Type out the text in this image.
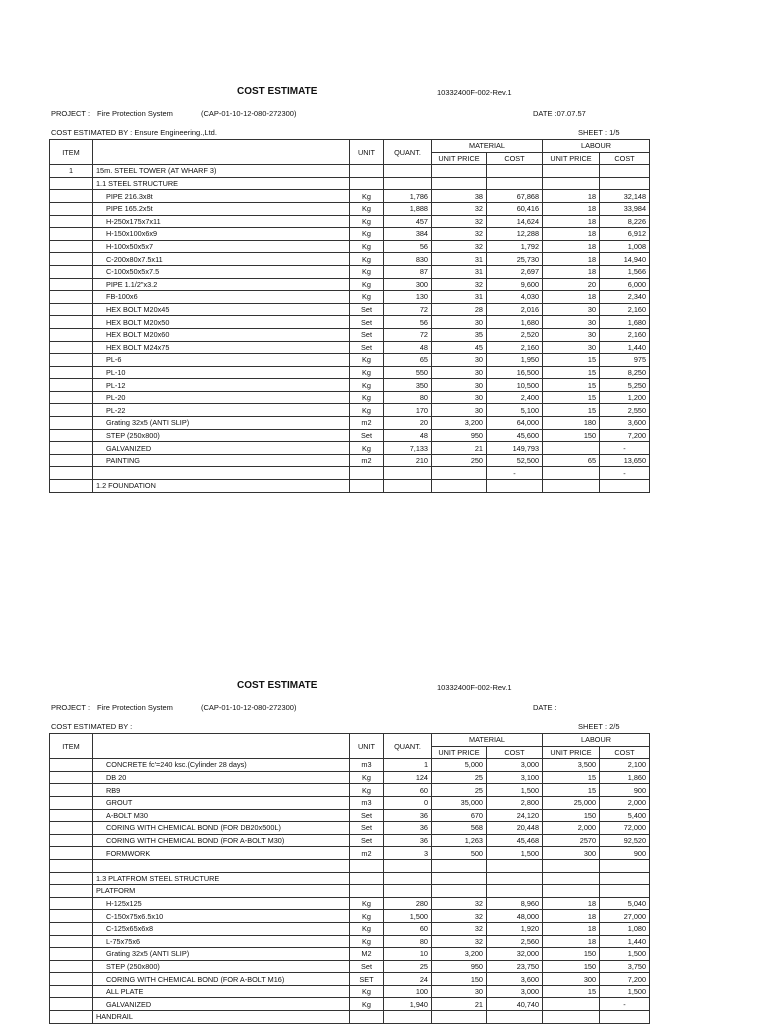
COST ESTIMATE	10332400F-002-Rev.1
PROJECT : Fire Protection System	(CAP-01-10-12-080-272300)	DATE :07.07.57
COST ESTIMATED BY : Ensure Engineering.,Ltd.	SHEET : 1/5
ITEM		UNIT	QUANT.	MATERIAL		LABOUR	
				UNIT PRICE	COST	UNIT PRICE	COST
1	15m. STEEL TOWER (AT WHARF 3)						
	1.1 STEEL STRUCTURE						
	PIPE 216.3x8t	Kg	1,786	38	67,868	18	32,148
	PIPE 165.2x5t	Kg	1,888	32	60,416	18	33,984
	H-250x175x7x11	Kg	457	32	14,624	18	8,226
	H-150x100x6x9	Kg	384	32	12,288	18	6,912
	H-100x50x5x7	Kg	56	32	1,792	18	1,008
	C-200x80x7.5x11	Kg	830	31	25,730	18	14,940
	C-100x50x5x7.5	Kg	87	31	2,697	18	1,566
	PIPE 1.1/2"x3.2	Kg	300	32	9,600	20	6,000
	FB-100x6	Kg	130	31	4,030	18	2,340
	HEX BOLT M20x45	Set	72	28	2,016	30	2,160
	HEX BOLT M20x50	Set	56	30	1,680	30	1,680
	HEX BOLT M20x60	Set	72	35	2,520	30	2,160
	HEX BOLT M24x75	Set	48	45	2,160	30	1,440
	PL-6	Kg	65	30	1,950	15	975
	PL-10	Kg	550	30	16,500	15	8,250
	PL-12	Kg	350	30	10,500	15	5,250
	PL-20	Kg	80	30	2,400	15	1,200
	PL-22	Kg	170	30	5,100	15	2,550
	Grating 32x5 (ANTI SLIP)	m2	20	3,200	64,000	180	3,600
	STEP (250x800)	Set	48	950	45,600	150	7,200
	GALVANIZED	Kg	7,133	21	149,793		-
	PAINTING	m2	210	250	52,500	65	13,650
					-		-
	1.2 FOUNDATION						
COST ESTIMATE	10332400F-002-Rev.1
PROJECT : Fire Protection System	(CAP-01-10-12-080-272300)	DATE :
COST ESTIMATED BY :	SHEET : 2/5
ITEM		UNIT	QUANT.	MATERIAL		LABOUR	
				UNIT PRICE	COST	UNIT PRICE	COST
	CONCRETE fc'=240 ksc.(Cylinder 28 days)	m3	1	5,000	3,000	3,500	2,100
	DB 20	Kg	124	25	3,100	15	1,860
	RB9	Kg	60	25	1,500	15	900
	GROUT	m3	0	35,000	2,800	25,000	2,000
	A-BOLT M30	Set	36	670	24,120	150	5,400
	CORING WITH CHEMICAL BOND (FOR DB20x500L)	Set	36	568	20,448	2,000	72,000
	CORING WITH CHEMICAL BOND (FOR A-BOLT M30)	Set	36	1,263	45,468	2570	92,520
	FORMWORK	m2	3	500	1,500	300	900

	1.3 PLATFROM STEEL STRUCTURE						
	PLATFORM						
	H-125x125	Kg	280	32	8,960	18	5,040
	C-150x75x6.5x10	Kg	1,500	32	48,000	18	27,000
	C-125x65x6x8	Kg	60	32	1,920	18	1,080
	L-75x75x6	Kg	80	32	2,560	18	1,440
	Grating 32x5 (ANTI SLIP)	M2	10	3,200	32,000	150	1,500
	STEP (250x800)	Set	25	950	23,750	150	3,750
	CORING WITH CHEMICAL BOND (FOR A-BOLT M16)	SET	24	150	3,600	300	7,200
	ALL PLATE	Kg	100	30	3,000	15	1,500
	GALVANIZED	Kg	1,940	21	40,740		-
	HANDRAIL						
